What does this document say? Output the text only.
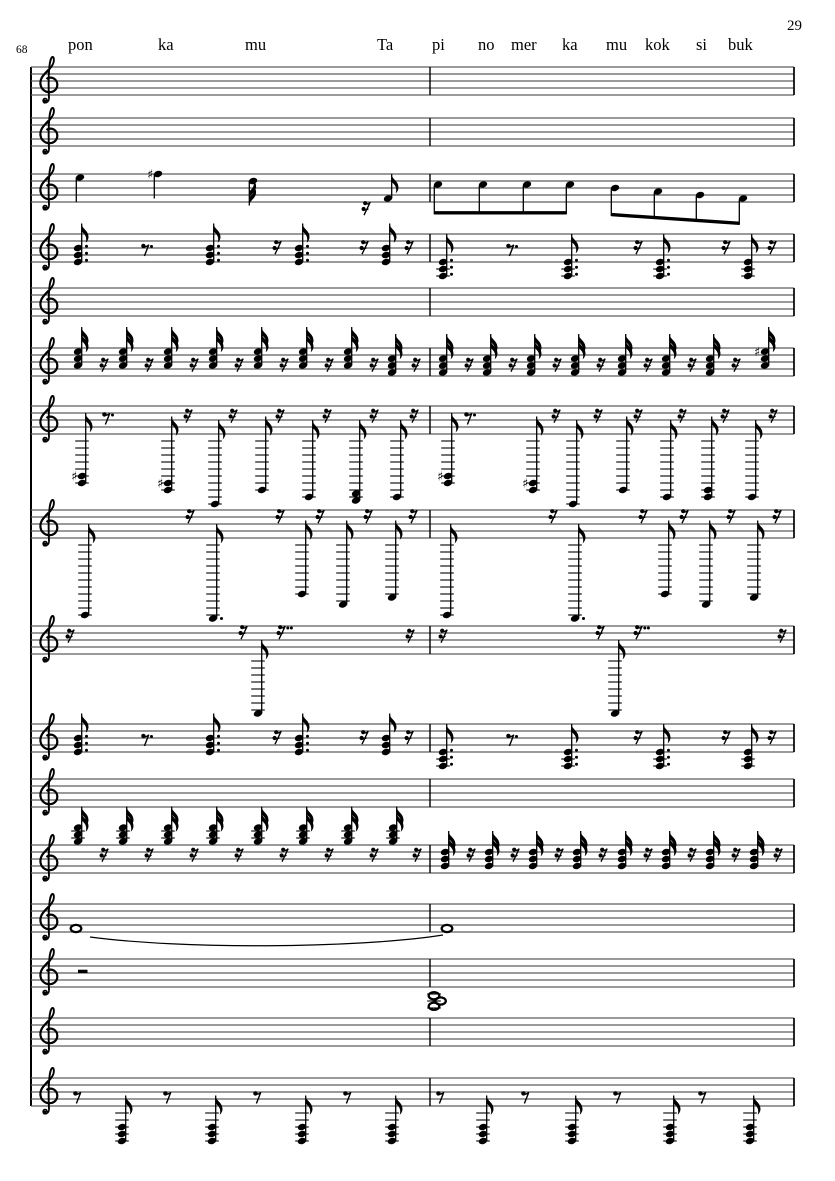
29
68 pon	ka	mu	Ta pi no mer ka mu kok si buk
♯
♯
♯	♯	♯	♯
